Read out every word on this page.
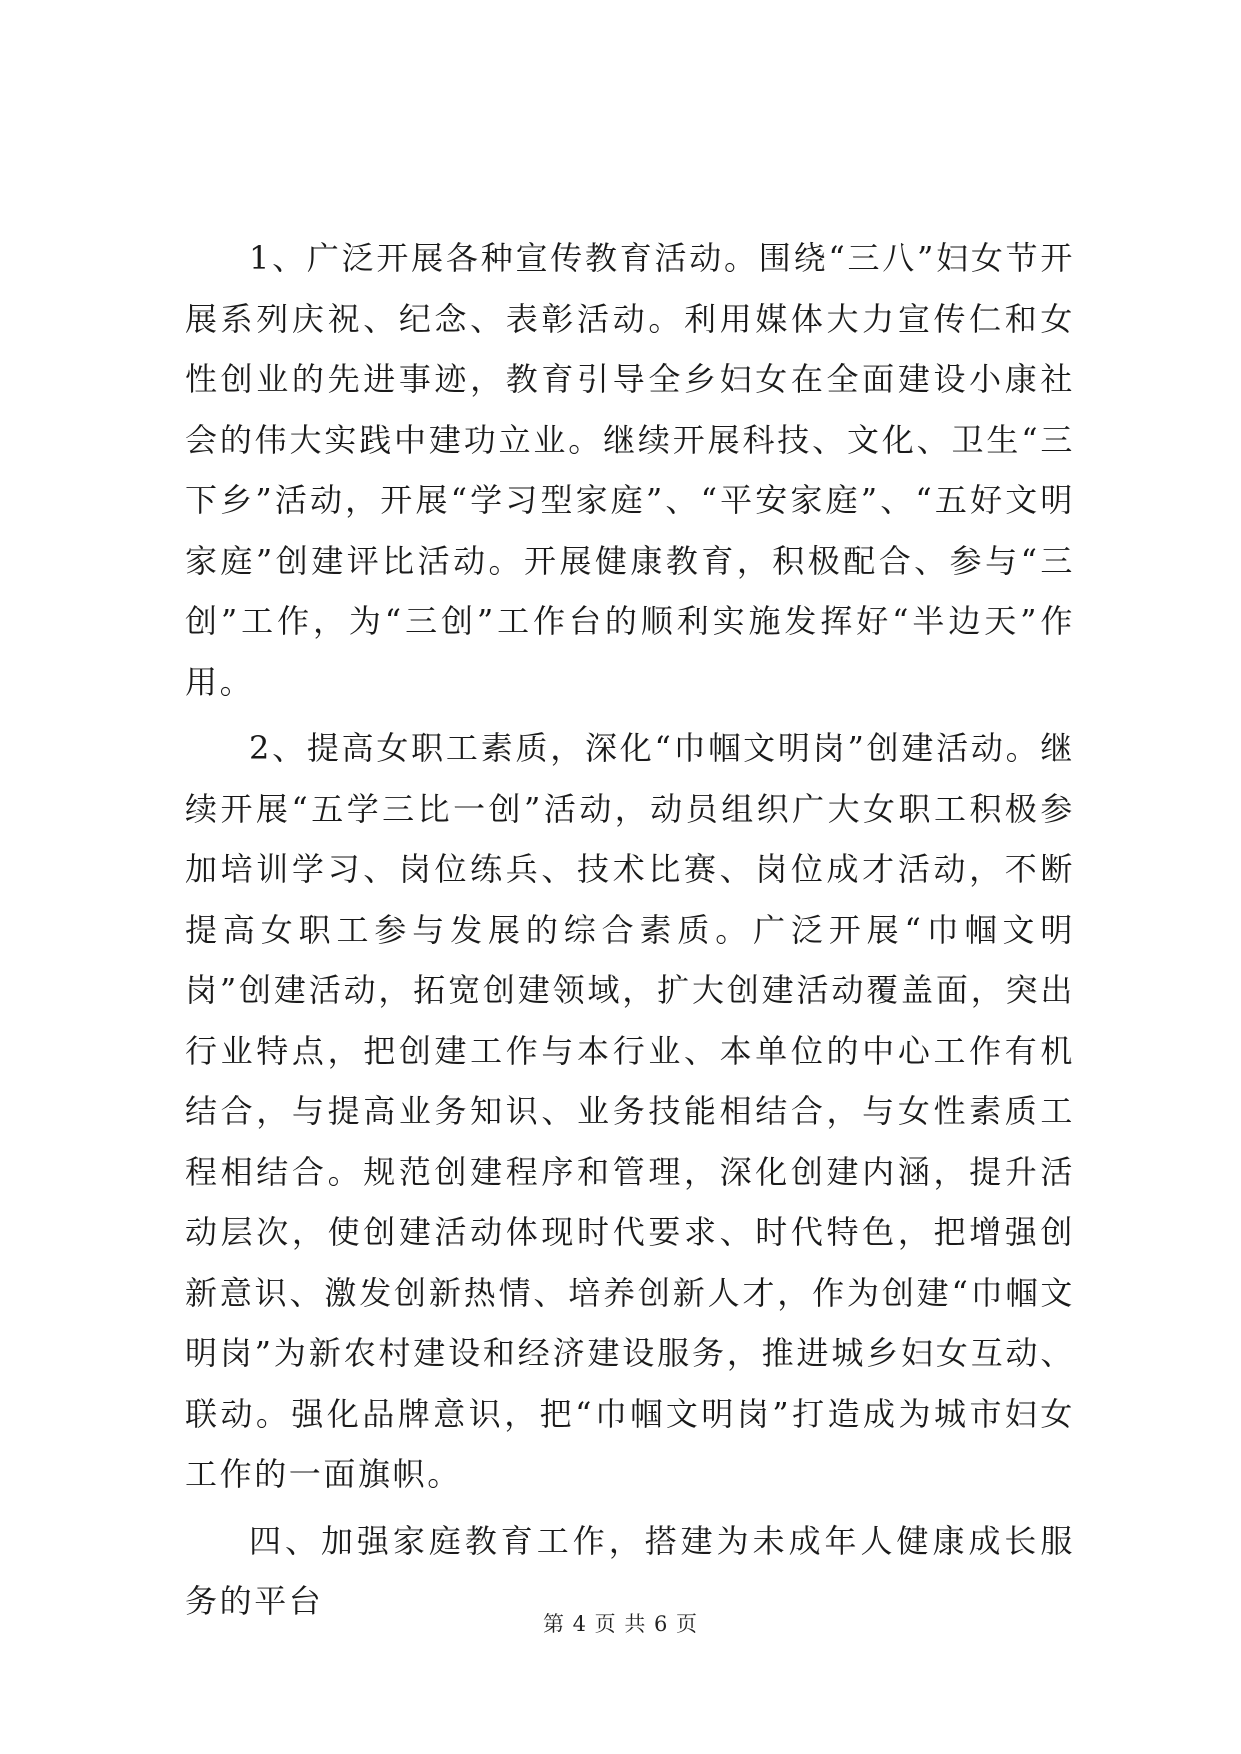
1、广泛开展各种宣传教育活动。围绕“三八”妇女节开展系列庆祝、纪念、表彰活动。利用媒体大力宣传仁和女性创业的先进事迹，教育引导全乡妇女在全面建设小康社会的伟大实践中建功立业。继续开展科技、文化、卫生“三下乡”活动，开展“学习型家庭”、“平安家庭”、“五好文明家庭”创建评比活动。开展健康教育，积极配合、参与“三创”工作，为“三创”工作台的顺利实施发挥好“半边天”作用。

2、提高女职工素质，深化“巾帼文明岗”创建活动。继续开展“五学三比一创”活动，动员组织广大女职工积极参加培训学习、岗位练兵、技术比赛、岗位成才活动，不断提高女职工参与发展的综合素质。广泛开展“巾帼文明岗”创建活动，拓宽创建领域，扩大创建活动覆盖面，突出行业特点，把创建工作与本行业、本单位的中心工作有机结合，与提高业务知识、业务技能相结合，与女性素质工程相结合。规范创建程序和管理，深化创建内涵，提升活动层次，使创建活动体现时代要求、时代特色，把增强创新意识、激发创新热情、培养创新人才，作为创建“巾帼文明岗”为新农村建设和经济建设服务，推进城乡妇女互动、联动。强化品牌意识，把“巾帼文明岗”打造成为城市妇女工作的一面旗帜。

四、加强家庭教育工作，搭建为未成年人健康成长服务的平台

第 4 页 共 6 页
